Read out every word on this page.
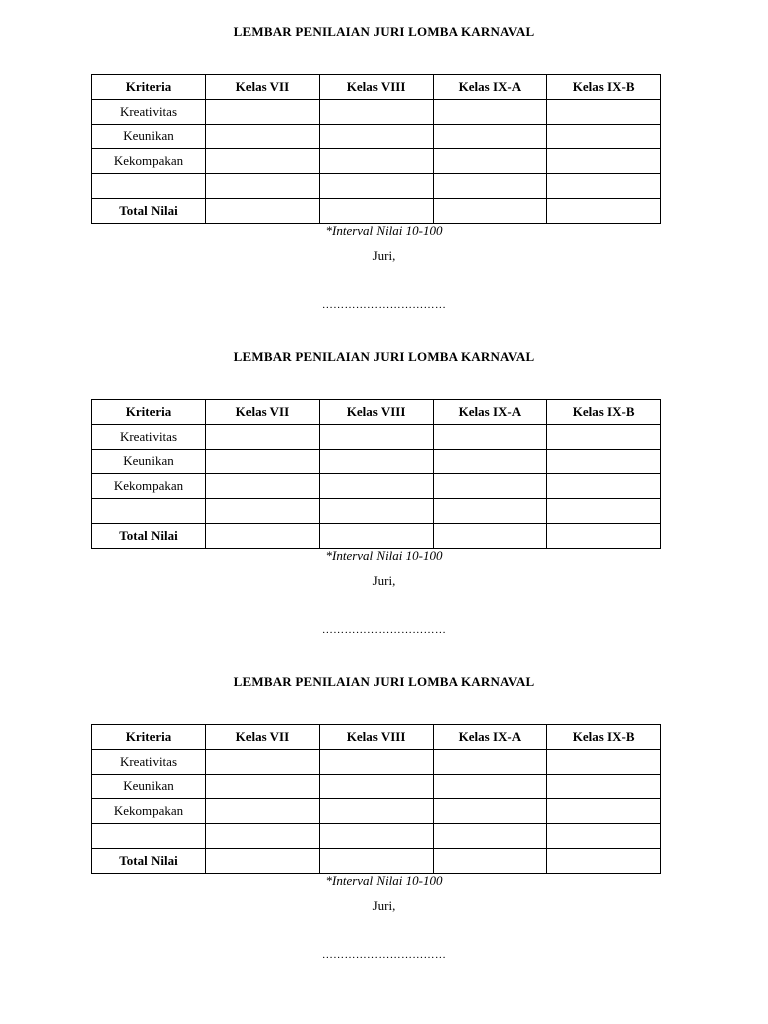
LEMBAR PENILAIAN JURI LOMBA KARNAVAL
Kriteria	Kelas VII	Kelas VIII	Kelas IX-A	Kelas IX-B
Kreativitas				
Keunikan				
Kekompakan				

Total Nilai				
*Interval Nilai 10-100
Juri,
……………………………
LEMBAR PENILAIAN JURI LOMBA KARNAVAL
Kriteria	Kelas VII	Kelas VIII	Kelas IX-A	Kelas IX-B
Kreativitas				
Keunikan				
Kekompakan				

Total Nilai				
*Interval Nilai 10-100
Juri,
……………………………
LEMBAR PENILAIAN JURI LOMBA KARNAVAL
Kriteria	Kelas VII	Kelas VIII	Kelas IX-A	Kelas IX-B
Kreativitas				
Keunikan				
Kekompakan				

Total Nilai				
*Interval Nilai 10-100
Juri,
……………………………
